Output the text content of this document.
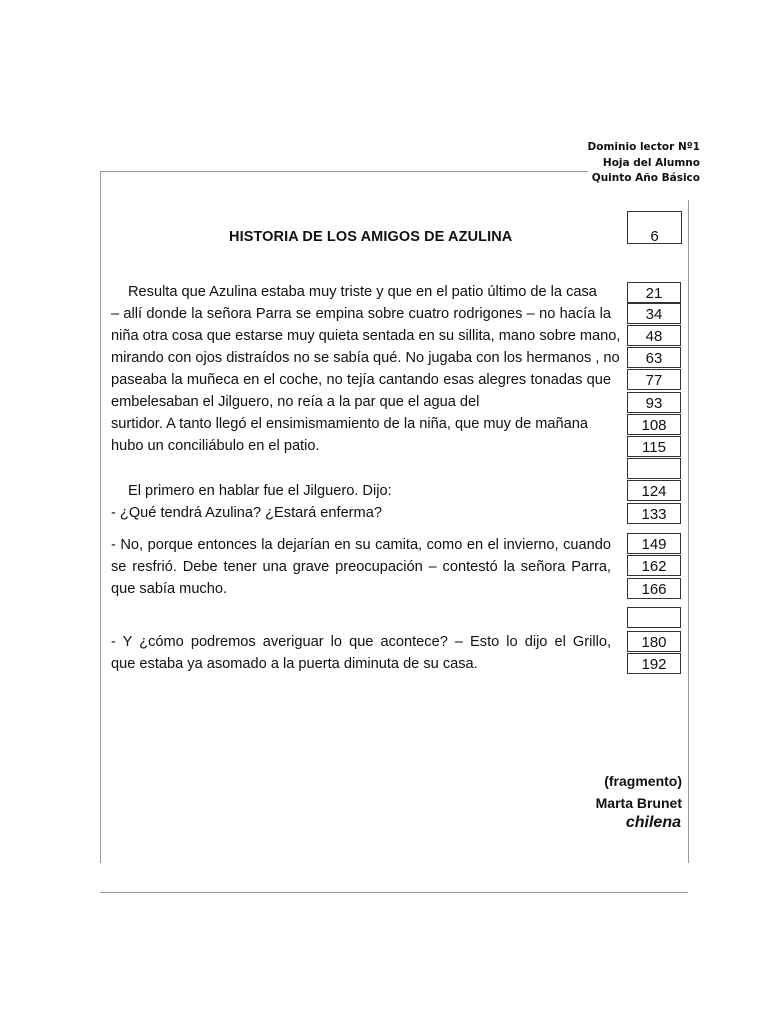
Dominio lector Nº1
Hoja del Alumno
Quinto Año Básico
6
HISTORIA DE LOS AMIGOS DE AZULINA
Resulta que Azulina estaba muy triste y que en el patio último de la casa
– allí donde la señora Parra se empina sobre cuatro rodrigones – no hacía la
niña otra cosa que estarse muy quieta sentada en su sillita, mano sobre mano,
mirando con ojos distraídos no se sabía qué. No jugaba con los hermanos , no
paseaba la muñeca en el coche, no tejía cantando esas alegres tonadas que
embelesaban el Jilguero, no reía a la par que el agua del
surtidor. A tanto llegó el ensimismamiento de la niña, que muy de mañana
hubo un conciliábulo en el patio.
El primero en hablar fue el Jilguero. Dijo:
- ¿Qué tendrá Azulina? ¿Estará enferma?
- No, porque entonces la dejarían en su camita, como en el invierno, cuando
se resfrió. Debe tener una grave preocupación – contestó la señora Parra,
que sabía mucho.
- Y ¿cómo podremos averiguar lo que acontece? – Esto lo dijo el Grillo,
que estaba ya asomado a la puerta diminuta de su casa.
21
34
48
63
77
93
108
115
124
133
149
162
166
180
192
(fragmento)
Marta Brunet
chilena
